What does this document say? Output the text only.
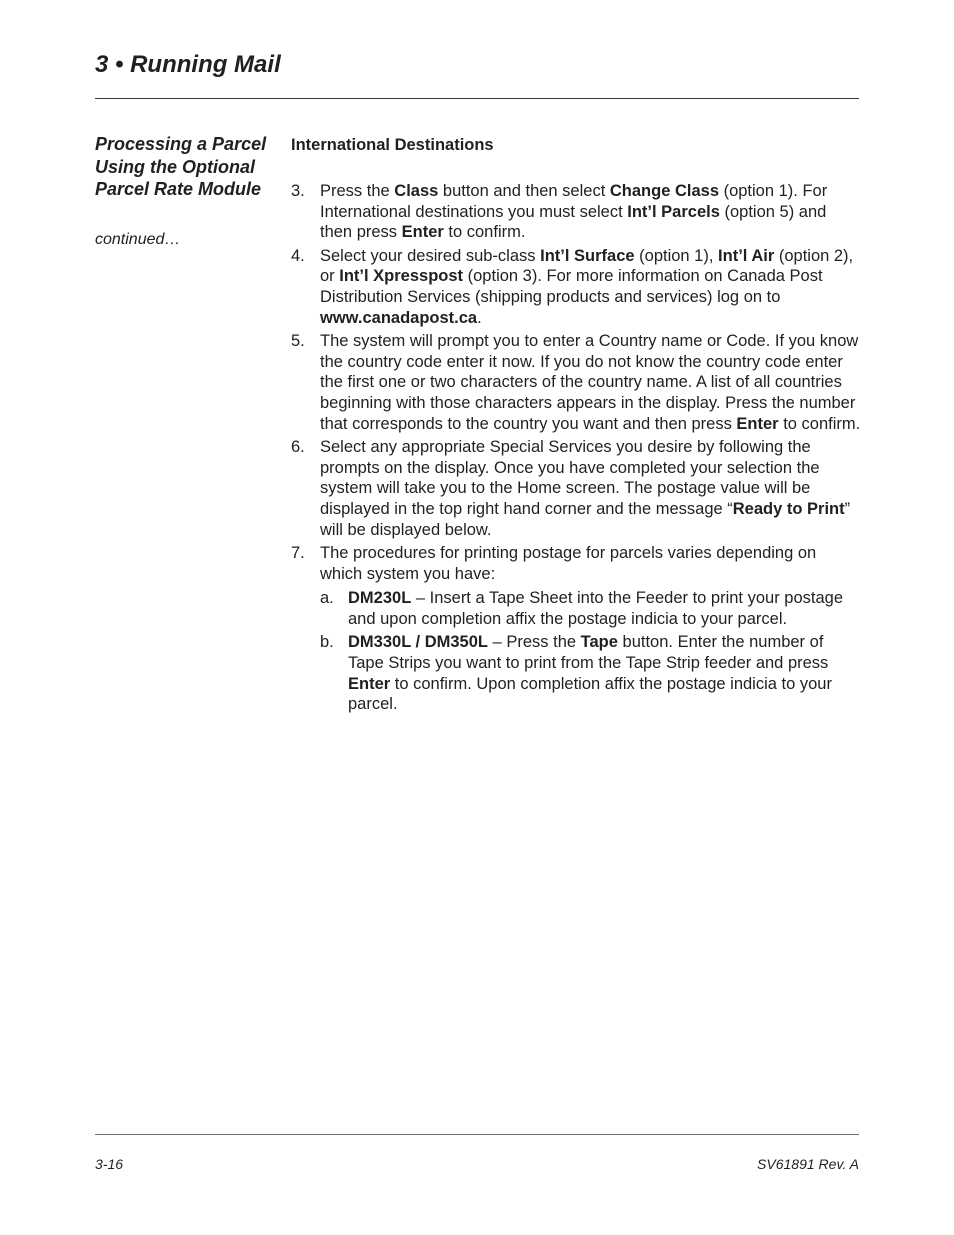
3 • Running Mail
Processing a Parcel Using the Optional Parcel Rate Module
continued…
International Destinations
3. Press the Class button and then select Change Class (option 1). For International destinations you must select Int’l Parcels (option 5) and then press Enter to confirm.
4. Select your desired sub-class Int’l Surface (option 1), Int’l Air (option 2), or Int’l Xpresspost (option 3). For more information on Canada Post Distribution Services (shipping products and services) log on to www.canadapost.ca.
5. The system will prompt you to enter a Country name or Code. If you know the country code enter it now. If you do not know the country code enter the first one or two characters of the country name. A list of all countries beginning with those characters appears in the display. Press the number that corresponds to the country you want and then press Enter to confirm.
6. Select any appropriate Special Services you desire by following the prompts on the display. Once you have completed your selection the system will take you to the Home screen. The postage value will be displayed in the top right hand corner and the message “Ready to Print” will be displayed below.
7. The procedures for printing postage for parcels varies depending on which system you have:
a. DM230L – Insert a Tape Sheet into the Feeder to print your postage and upon completion affix the postage indicia to your parcel.
b. DM330L / DM350L – Press the Tape button. Enter the number of Tape Strips you want to print from the Tape Strip feeder and press Enter to confirm. Upon completion affix the postage indicia to your parcel.
3-16	SV61891 Rev. A
